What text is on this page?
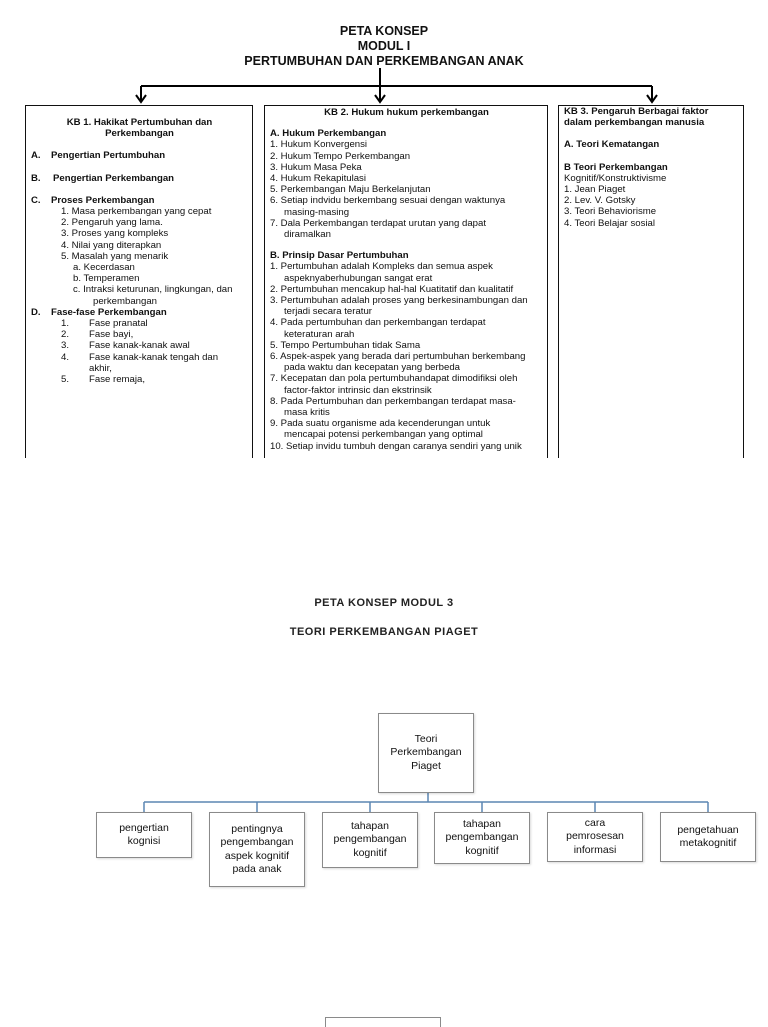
PETA KONSEP
MODUL I
PERTUMBUHAN DAN PERKEMBANGAN ANAK
KB 1. Hakikat Pertumbuhan dan Perkembangan
A.	Pengertian Pertumbuhan
B.	Pengertian Perkembangan
C.	Proses Perkembangan
1. Masa perkembangan yang cepat
2. Pengaruh yang lama.
3. Proses yang kompleks
4. Nilai yang diterapkan
5. Masalah yang menarik
a. Kecerdasan
b. Temperamen
c. Intraksi keturunan, lingkungan, dan
perkembangan
D.	Fase-fase Perkembangan
1.	Fase pranatal
2.	Fase bayi,
3.	Fase kanak-kanak awal
4.	Fase kanak-kanak tengah dan
akhir,
5.	Fase remaja,
KB 2. Hukum hukum perkembangan
A. Hukum Perkembangan
1. Hukum Konvergensi
2. Hukum Tempo Perkembangan
3. Hukum Masa Peka
4. Hukum Rekapitulasi
5. Perkembangan Maju Berkelanjutan
6. Setiap indvidu berkembang sesuai dengan waktunya
masing-masing
7. Dala Perkembangan terdapat urutan yang dapat
diramalkan
B. Prinsip Dasar Pertumbuhan
1. Pertumbuhan adalah Kompleks dan semua aspek
aspeknyaberhubungan sangat erat
2. Pertumbuhan mencakup hal-hal Kuatitatif dan kualitatif
3. Pertumbuhan adalah proses yang berkesinambungan dan
terjadi secara teratur
4. Pada pertumbuhan dan perkembangan terdapat
keteraturan arah
5. Tempo Pertumbuhan tidak Sama
6. Aspek-aspek yang berada dari pertumbuhan berkembang
pada waktu dan kecepatan yang berbeda
7. Kecepatan dan pola pertumbuhandapat dimodifiksi oleh
factor-faktor intrinsic dan ekstrinsik
8. Pada Pertumbuhan dan perkembangan terdapat masa-
masa kritis
9. Pada suatu organisme ada kecenderungan untuk
mencapai potensi perkembangan yang optimal
10. Setiap invidu tumbuh dengan caranya sendiri yang unik
KB 3. Pengaruh Berbagai faktor
dalam perkembangan manusia
A. Teori Kematangan
B Teori Perkembangan
Kognitif/Konstruktivisme
1. Jean Piaget
2. Lev. V. Gotsky
3. Teori Behaviorisme
4. Teori Belajar sosial
PETA KONSEP MODUL 3
TEORI PERKEMBANGAN PIAGET
Teori
Perkembangan
Piaget
pengertian
kognisi
pentingnya
pengembangan
aspek kognitif
pada anak
tahapan
pengembangan
kognitif
tahapan
pengembangan
kognitif
cara
pemrosesan
informasi
pengetahuan
metakognitif
